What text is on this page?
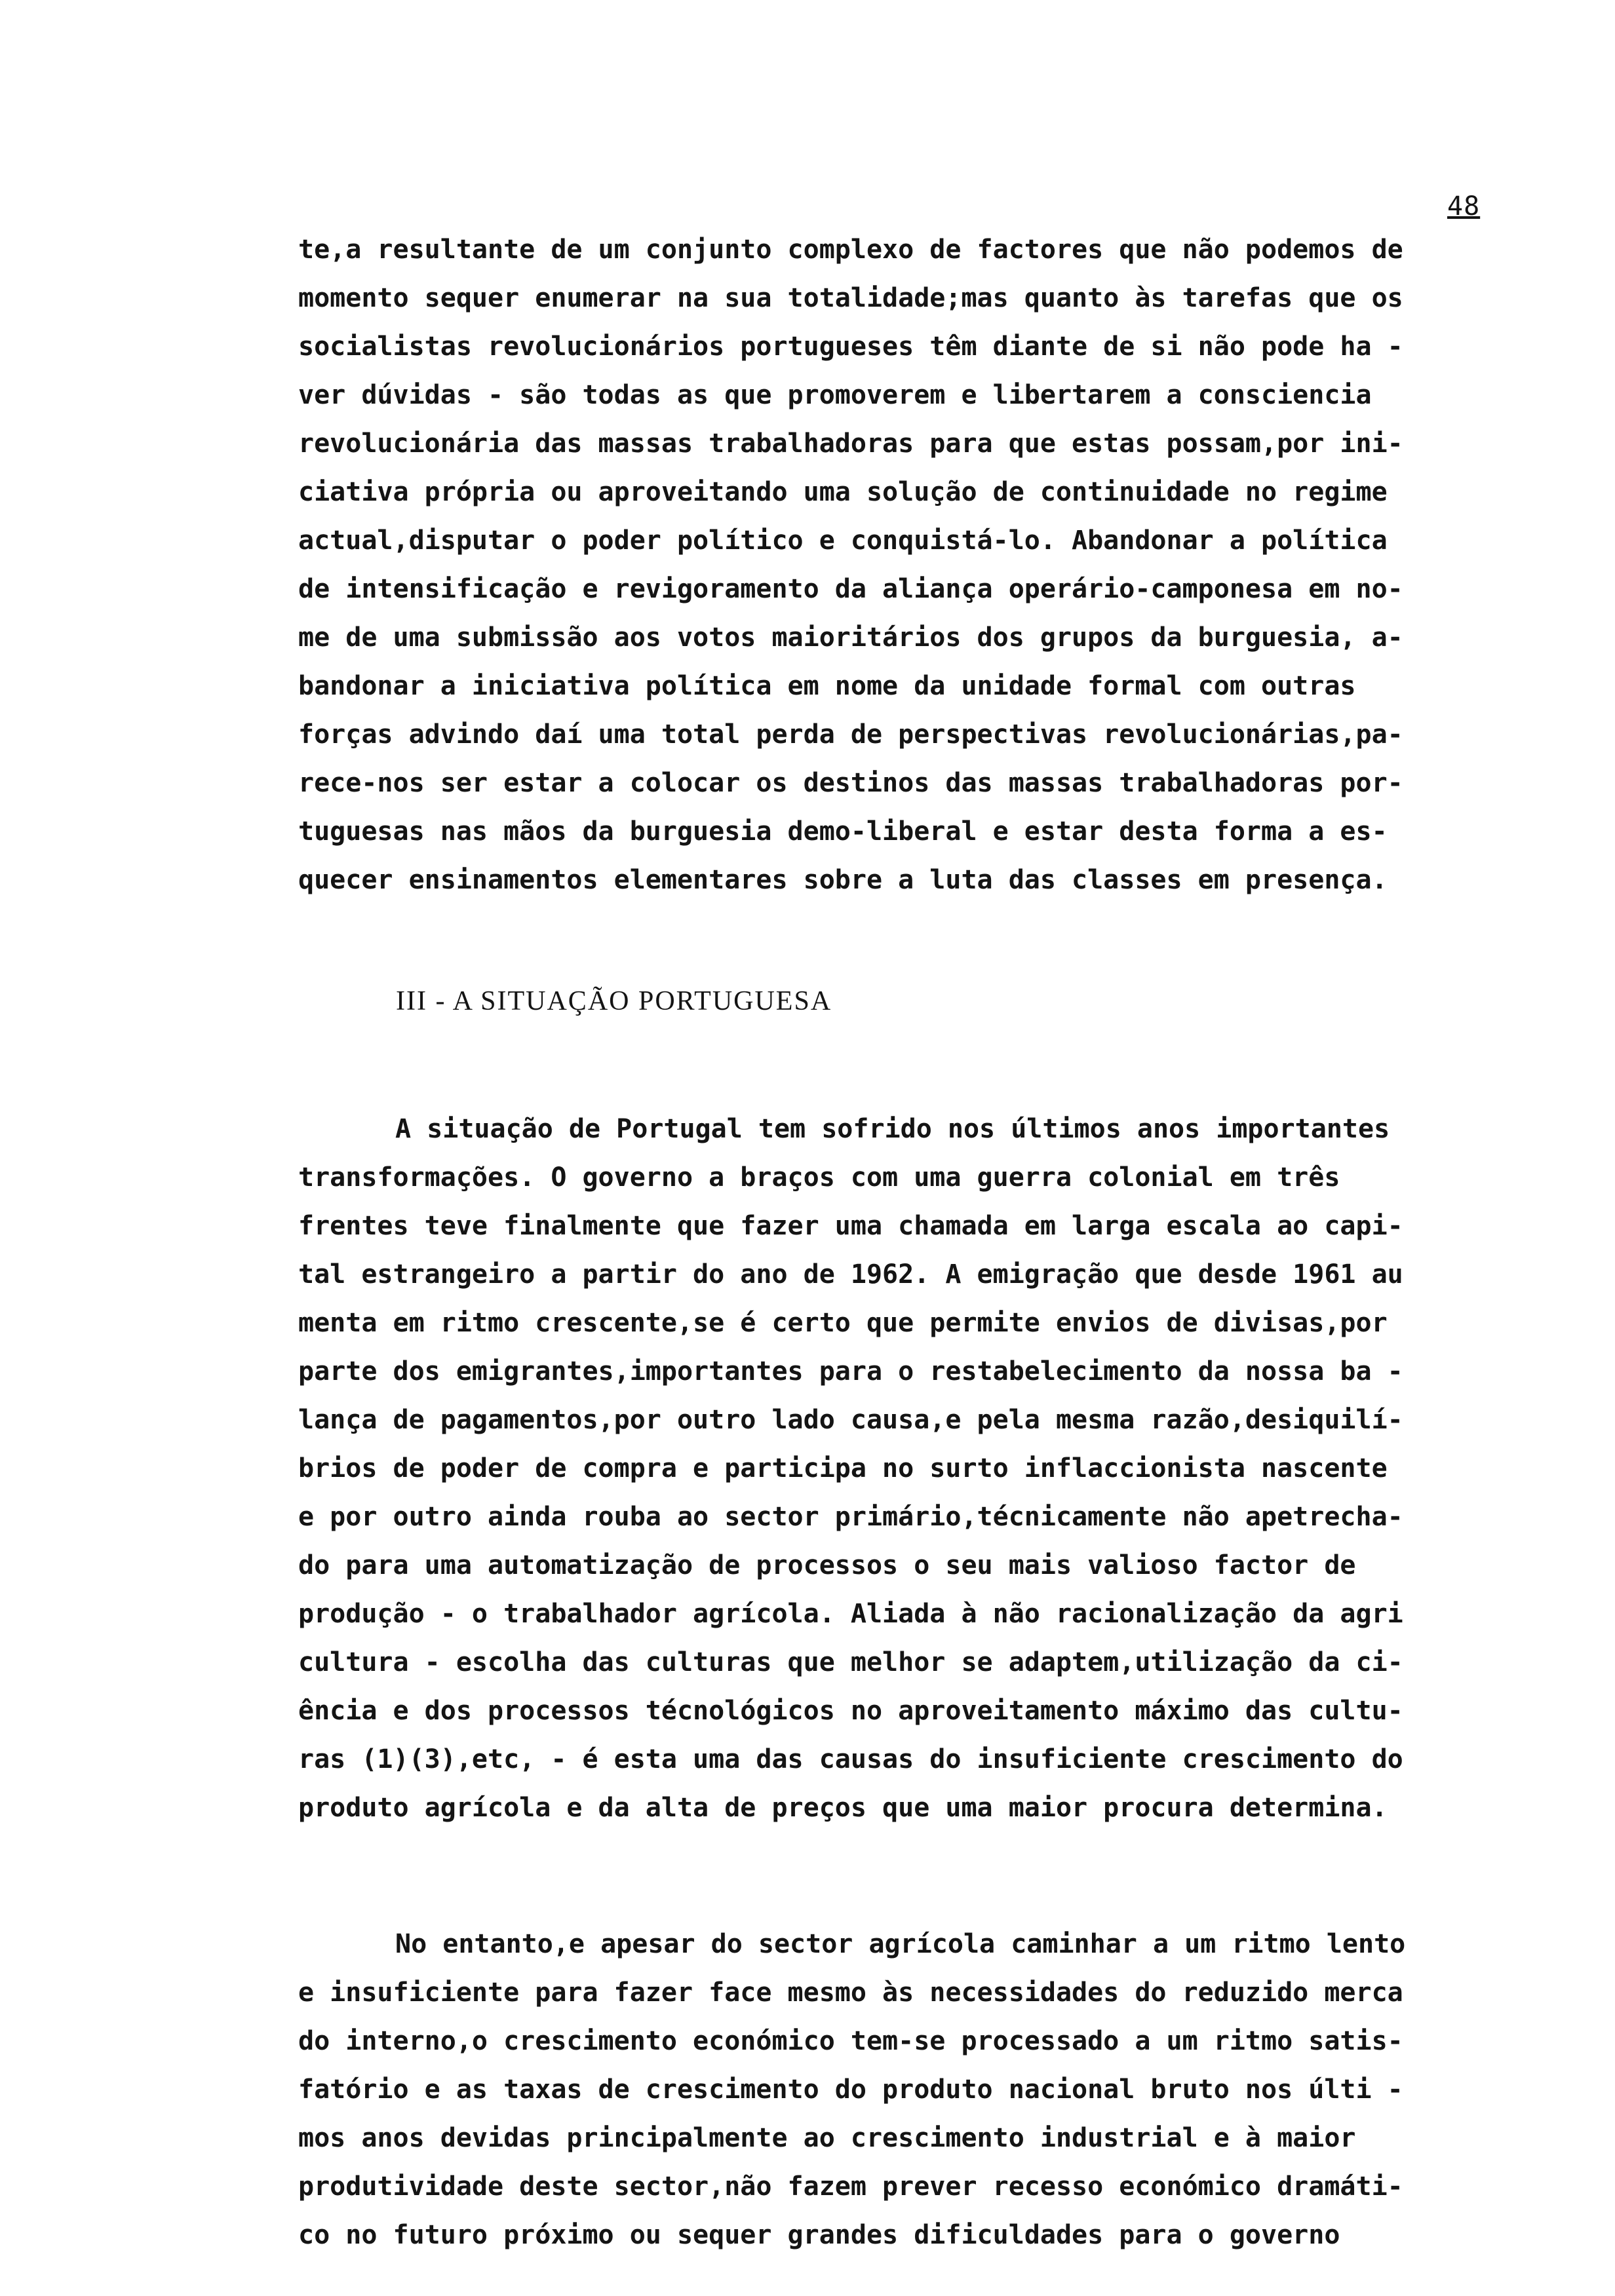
48
te,a resultante de um conjunto complexo de factores que não podemos de
momento sequer enumerar na sua totalidade;mas quanto às tarefas que os
socialistas revolucionários portugueses têm diante de si não pode ha -
ver dúvidas - são todas as que promoverem e libertarem a consciencia
revolucionária das massas trabalhadoras para que estas possam,por ini-
ciativa própria ou aproveitando uma solução de continuidade no regime
actual,disputar o poder político e conquistá-lo. Abandonar a política
de intensificação e revigoramento da aliança operário-camponesa em no-
me de uma submissão aos votos maioritários dos grupos da burguesia, a-
bandonar a iniciativa política em nome da unidade formal com outras
forças advindo daí uma total perda de perspectivas revolucionárias,pa-
rece-nos ser estar a colocar os destinos das massas trabalhadoras por-
tuguesas nas mãos da burguesia demo-liberal e estar desta forma a es-
quecer ensinamentos elementares sobre a luta das classes em presença.
III - A SITUAÇÃO PORTUGUESA
A situação de Portugal tem sofrido nos últimos anos importantes
transformações. O governo a braços com uma guerra colonial em três
frentes teve finalmente que fazer uma chamada em larga escala ao capi-
tal estrangeiro a partir do ano de 1962. A emigração que desde 1961 au
menta em ritmo crescente,se é certo que permite envios de divisas,por
parte dos emigrantes,importantes para o restabelecimento da nossa ba -
lança de pagamentos,por outro lado causa,e pela mesma razão,desiquilí-
brios de poder de compra e participa no surto inflaccionista nascente
e por outro ainda rouba ao sector primário,técnicamente não apetrecha-
do para uma automatização de processos o seu mais valioso factor de
produção - o trabalhador agrícola. Aliada à não racionalização da agri
cultura - escolha das culturas que melhor se adaptem,utilização da ci-
ência e dos processos técnológicos no aproveitamento máximo das cultu-
ras (1)(3),etc, - é esta uma das causas do insuficiente crescimento do
produto agrícola e da alta de preços que uma maior procura determina.
No entanto,e apesar do sector agrícola caminhar a um ritmo lento
e insuficiente para fazer face mesmo às necessidades do reduzido merca
do interno,o crescimento económico tem-se processado a um ritmo satis-
fatório e as taxas de crescimento do produto nacional bruto nos últi -
mos anos devidas principalmente ao crescimento industrial e à maior
produtividade deste sector,não fazem prever recesso económico dramáti-
co no futuro próximo ou sequer grandes dificuldades para o governo
